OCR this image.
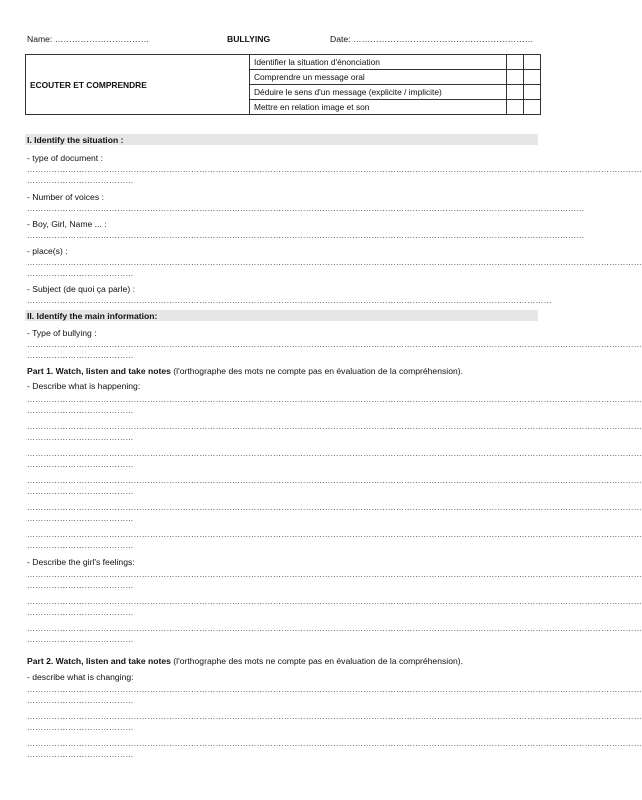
Name: ……………………………	BULLYING	Date: ………………………………………………………
ECOUTER ET COMPRENDRE	Identifier la situation d'énonciation		
	Comprendre un message oral		
	Déduire le sens d'un message (explicite / implicite)		
	Mettre en relation image et son		
I. Identify the situation :
- type of document :
………………………………………………………………………………………………………………………………………………………………………………………………………
…………………………………
- Number of voices :
……………………………………………………………………………………………………………………………………………………………………………………
- Boy, Girl, Name ... :
……………………………………………………………………………………………………………………………………………………………………………………
- place(s) :
………………………………………………………………………………………………………………………………………………………………………………………………………
…………………………………
- Subject (de quoi ça parle) :
…………………………………………………………………………………………………………………………………………………………………………
II. Identify the main information:
- Type of bullying :
………………………………………………………………………………………………………………………………………………………………………………………………………
…………………………………
Part 1. Watch, listen and take notes (l'orthographe des mots ne compte pas en évaluation de la compréhension).
- Describe what is happening:
………………………………………………………………………………………………………………………………………………………………………………………………………
…………………………………
………………………………………………………………………………………………………………………………………………………………………………………………………
…………………………………
………………………………………………………………………………………………………………………………………………………………………………………………………
…………………………………
………………………………………………………………………………………………………………………………………………………………………………………………………
…………………………………
………………………………………………………………………………………………………………………………………………………………………………………………………
…………………………………
………………………………………………………………………………………………………………………………………………………………………………………………………
…………………………………
- Describe the girl's feelings:
………………………………………………………………………………………………………………………………………………………………………………………………………
…………………………………
………………………………………………………………………………………………………………………………………………………………………………………………………
…………………………………
………………………………………………………………………………………………………………………………………………………………………………………………………
…………………………………
Part 2. Watch, listen and take notes (l'orthographe des mots ne compte pas en évaluation de la compréhension).
- describe what is changing:
………………………………………………………………………………………………………………………………………………………………………………………………………
…………………………………
………………………………………………………………………………………………………………………………………………………………………………………………………
…………………………………
………………………………………………………………………………………………………………………………………………………………………………………………………
…………………………………
